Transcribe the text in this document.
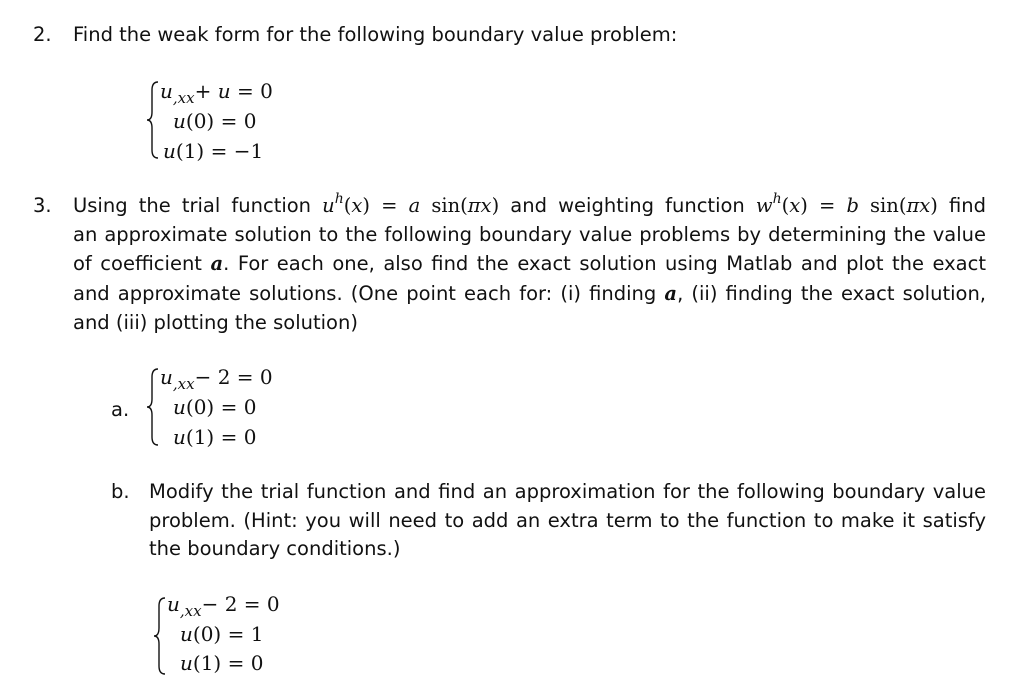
2. Find the weak form for the following boundary value problem:
$u_{,xx}+ u = 0$
u(0) = 0
u(1) = −1
3. Using the trial function $u^h(x) = a$ sin(πx) and weighting function $w^h(x) = b$ sin(πx) find
an approximate solution to the following boundary value problems by determining the value
of coefficient a. For each one, also find the exact solution using Matlab and plot the exact
and approximate solutions. (One point each for: (i) finding a, (ii) finding the exact solution,
and (iii) plotting the solution)
a.
$u_{,xx}- 2 = 0$
u(0) = 0
u(1) = 0
b. Modify the trial function and find an approximation for the following boundary value
problem. (Hint: you will need to add an extra term to the function to make it satisfy
the boundary conditions.)
$u_{,xx}- 2 = 0$
u(0) = 1
u(1) = 0
